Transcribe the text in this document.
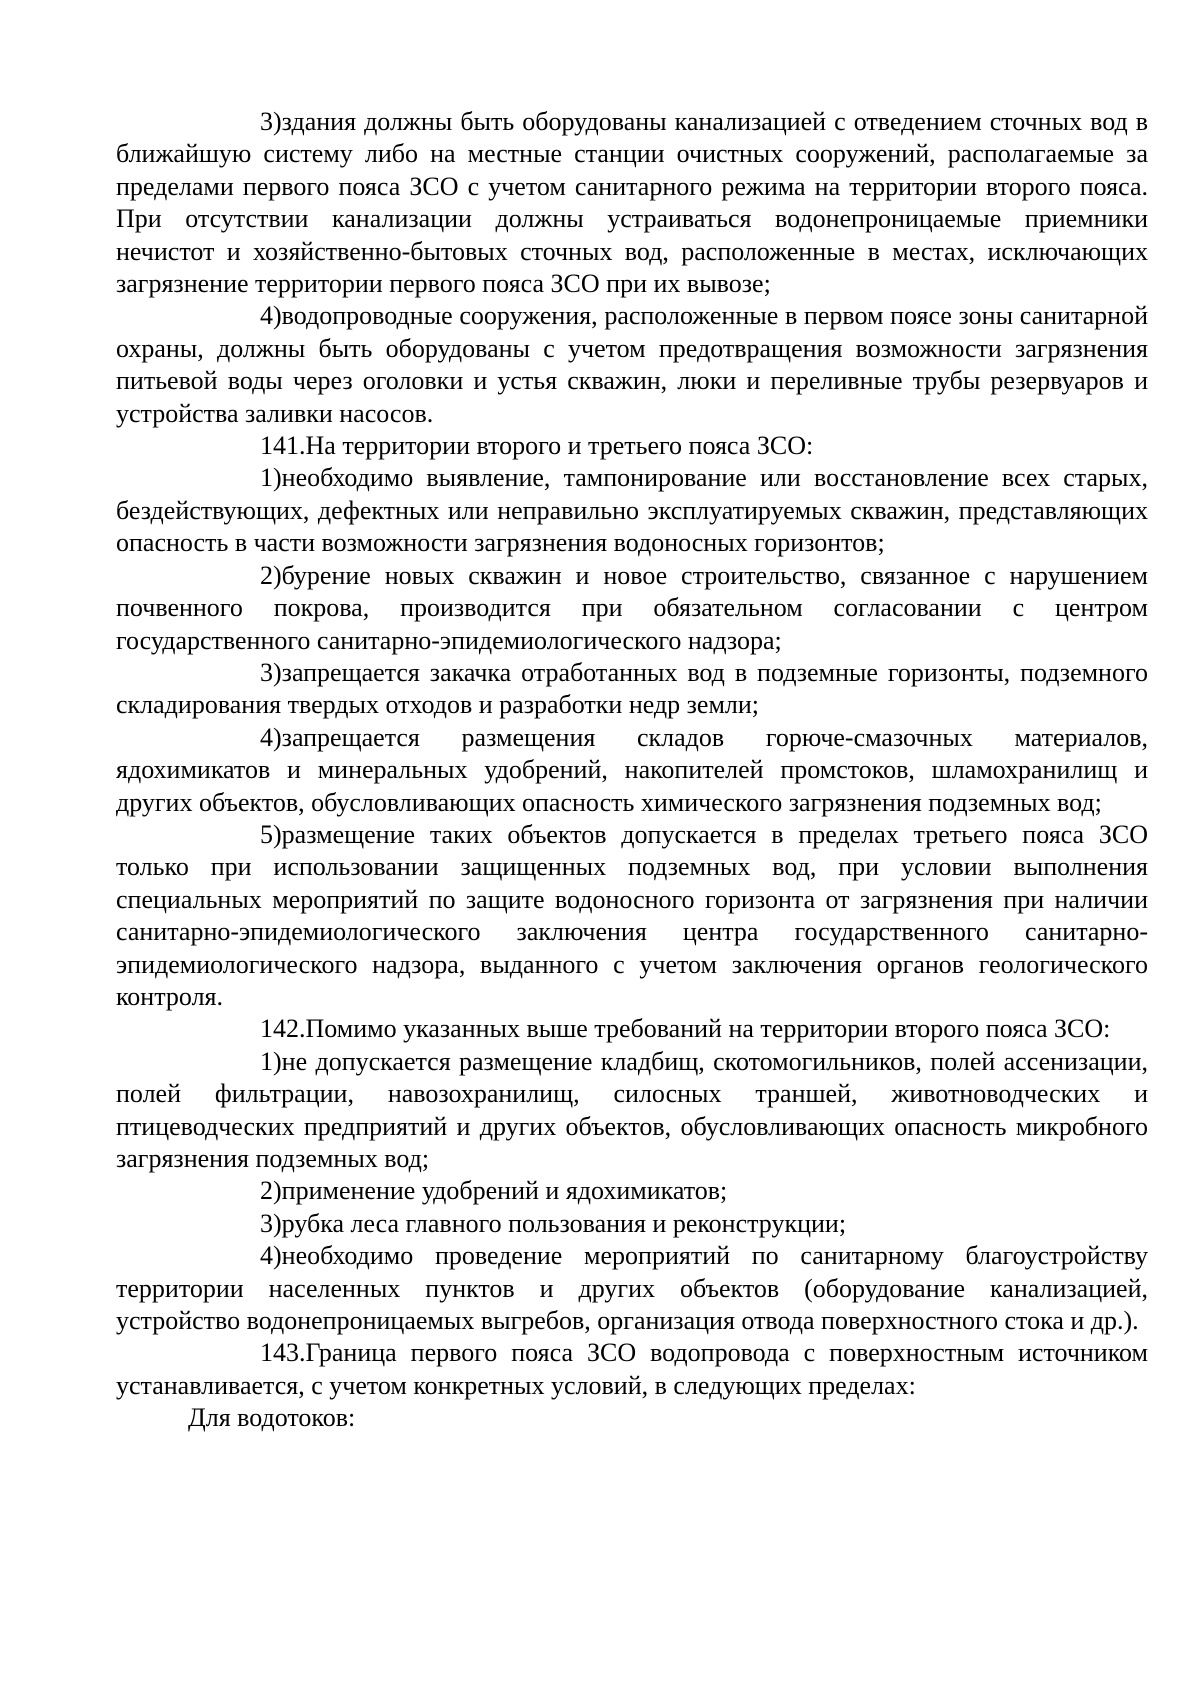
3)здания должны быть оборудованы канализацией с отведением сточных вод в ближайшую систему либо на местные станции очистных сооружений, располагаемые за пределами первого пояса ЗСО с учетом санитарного режима на территории второго пояса. При отсутствии канализации должны устраиваться водонепроницаемые приемники нечистот и хозяйственно-бытовых сточных вод, расположенные в местах, исключающих загрязнение территории первого пояса ЗСО при их вывозе;

4)водопроводные сооружения, расположенные в первом поясе зоны санитарной охраны, должны быть оборудованы с учетом предотвращения возможности загрязнения питьевой воды через оголовки и устья скважин, люки и переливные трубы резервуаров и устройства заливки насосов.

141.На территории второго и третьего пояса ЗСО:

1)необходимо выявление, тампонирование или восстановление всех старых, бездействующих, дефектных или неправильно эксплуатируемых скважин, представляющих опасность в части возможности загрязнения водоносных горизонтов;

2)бурение новых скважин и новое строительство, связанное с нарушением почвенного покрова, производится при обязательном согласовании с центром государственного санитарно-эпидемиологического надзора;

3)запрещается закачка отработанных вод в подземные горизонты, подземного складирования твердых отходов и разработки недр земли;

4)запрещается размещения складов горюче-смазочных материалов, ядохимикатов и минеральных удобрений, накопителей промстоков, шламохранилищ и других объектов, обусловливающих опасность химического загрязнения подземных вод;

5)размещение таких объектов допускается в пределах третьего пояса ЗСО только при использовании защищенных подземных вод, при условии выполнения специальных мероприятий по защите водоносного горизонта от загрязнения при наличии санитарно-эпидемиологического заключения центра государственного санитарно-эпидемиологического надзора, выданного с учетом заключения органов геологического контроля.

142.Помимо указанных выше требований на территории второго пояса ЗСО:

1)не допускается размещение кладбищ, скотомогильников, полей ассенизации, полей фильтрации, навозохранилищ, силосных траншей, животноводческих и птицеводческих предприятий и других объектов, обусловливающих опасность микробного загрязнения подземных вод;

2)применение удобрений и ядохимикатов;

3)рубка леса главного пользования и реконструкции;

4)необходимо проведение мероприятий по санитарному благоустройству территории населенных пунктов и других объектов (оборудование канализацией, устройство водонепроницаемых выгребов, организация отвода поверхностного стока и др.).

143.Граница первого пояса ЗСО водопровода с поверхностным источником устанавливается, с учетом конкретных условий, в следующих пределах:

Для водотоков:
